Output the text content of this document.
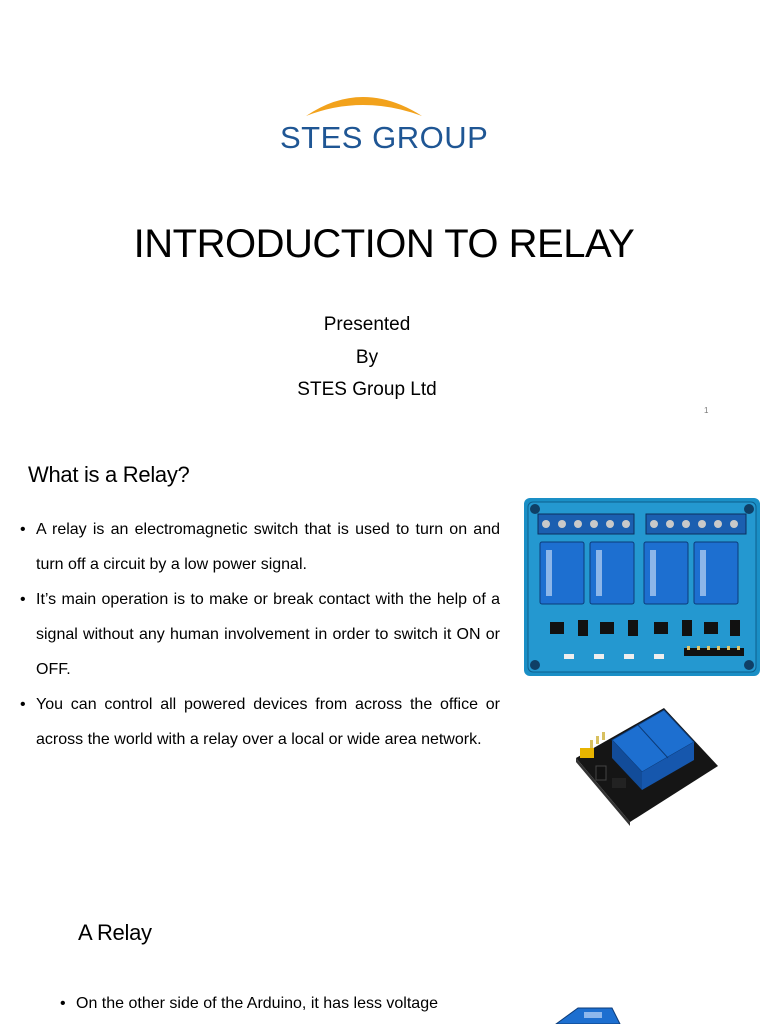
STES GROUP
INTRODUCTION TO RELAY
Presented
By
STES Group Ltd
1
What is a Relay?
• A relay is an electromagnetic switch that is used to turn on and turn off a circuit by a low power signal.
• It’s main operation is to make or break contact with the help of a signal without any human involvement in order to switch it ON or OFF.
• You can control all powered devices from across the office or across the world with a relay over a local or wide area network.
A Relay
• On the other side of the Arduino, it has less voltage
